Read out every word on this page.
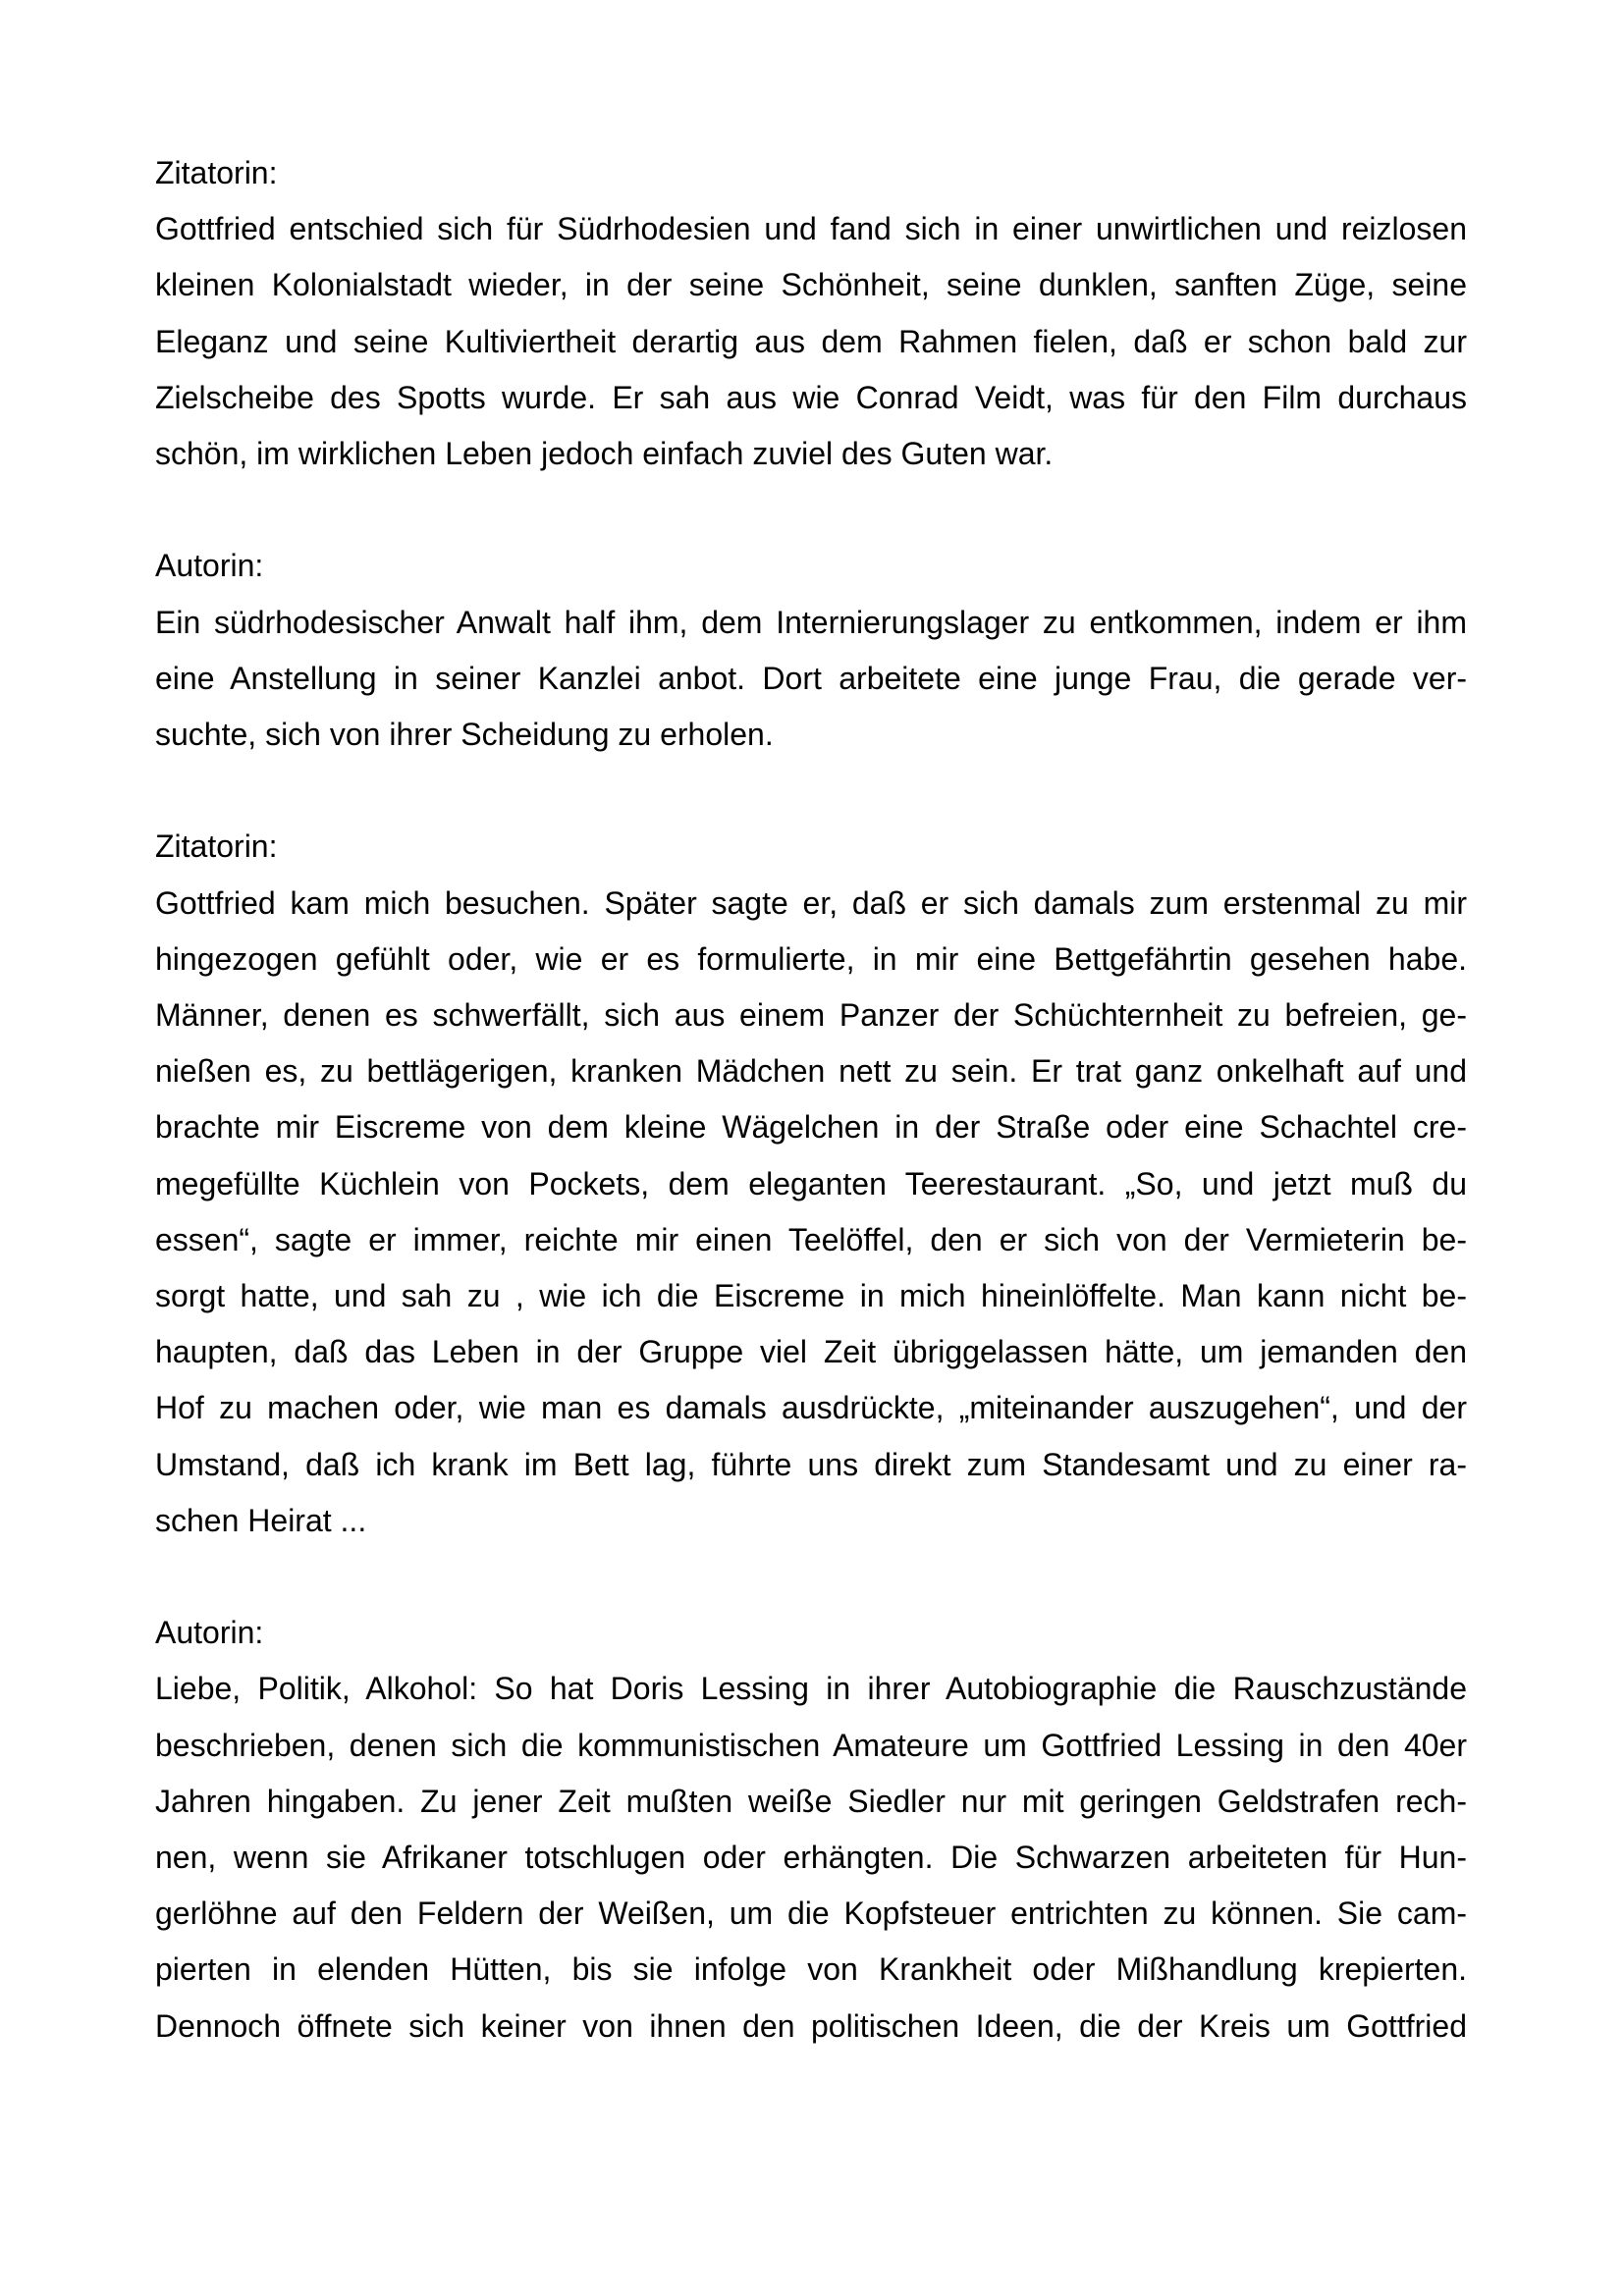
Zitatorin:
Gottfried entschied sich für Südrhodesien und fand sich in einer unwirtlichen und reizlosen
kleinen Kolonialstadt wieder, in der seine Schönheit, seine dunklen, sanften Züge, seine
Eleganz und seine Kultiviertheit derartig aus dem Rahmen fielen, daß er schon bald zur
Zielscheibe des Spotts wurde. Er sah aus wie Conrad Veidt, was für den Film durchaus
schön, im wirklichen Leben jedoch einfach zuviel des Guten war.
Autorin:
Ein südrhodesischer Anwalt half ihm, dem Internierungslager zu entkommen, indem er ihm
eine Anstellung in seiner Kanzlei anbot. Dort arbeitete eine junge Frau, die gerade ver-
suchte, sich von ihrer Scheidung zu erholen.
Zitatorin:
Gottfried kam mich besuchen. Später sagte er, daß er sich damals zum erstenmal zu mir
hingezogen gefühlt oder, wie er es formulierte, in mir eine Bettgefährtin gesehen habe.
Männer, denen es schwerfällt, sich aus einem Panzer der Schüchternheit zu befreien, ge-
nießen es, zu bettlägerigen, kranken Mädchen nett zu sein. Er trat ganz onkelhaft auf und
brachte mir Eiscreme von dem kleine Wägelchen in der Straße oder eine Schachtel cre-
megefüllte Küchlein von Pockets, dem eleganten Teerestaurant. „So, und jetzt muß du
essen“, sagte er immer, reichte mir einen Teelöffel, den er sich von der Vermieterin be-
sorgt hatte, und sah zu , wie ich die Eiscreme in mich hineinlöffelte. Man kann nicht be-
haupten, daß das Leben in der Gruppe viel Zeit übriggelassen hätte, um jemanden den
Hof zu machen oder, wie man es damals ausdrückte, „miteinander auszugehen“, und der
Umstand, daß ich krank im Bett lag, führte uns direkt zum Standesamt und zu einer ra-
schen Heirat ...
Autorin:
Liebe, Politik, Alkohol: So hat Doris Lessing in ihrer Autobiographie die Rauschzustände
beschrieben, denen sich die kommunistischen Amateure um Gottfried Lessing in den 40er
Jahren hingaben. Zu jener Zeit mußten weiße Siedler nur mit geringen Geldstrafen rech-
nen, wenn sie Afrikaner totschlugen oder erhängten. Die Schwarzen arbeiteten für Hun-
gerlöhne auf den Feldern der Weißen, um die Kopfsteuer entrichten zu können. Sie cam-
pierten in elenden Hütten, bis sie infolge von Krankheit oder Mißhandlung krepierten.
Dennoch öffnete sich keiner von ihnen den politischen Ideen, die der Kreis um Gottfried
